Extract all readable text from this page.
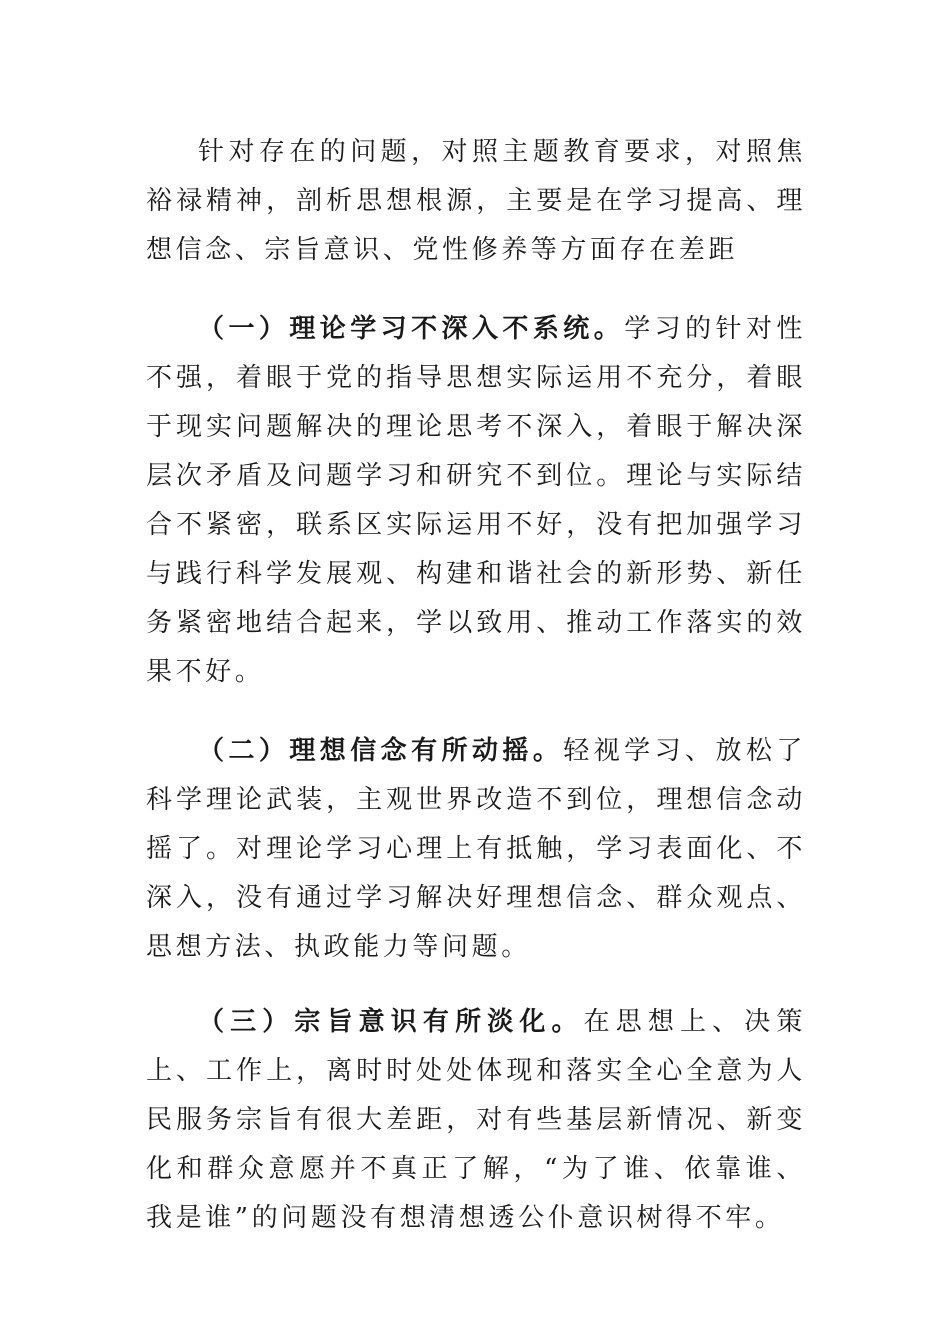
针对存在的问题，对照主题教育要求，对照焦裕禄精神，剖析思想根源，主要是在学习提高、理想信念、宗旨意识、党性修养等方面存在差距

（一）理论学习不深入不系统。学习的针对性不强，着眼于党的指导思想实际运用不充分，着眼于现实问题解决的理论思考不深入，着眼于解决深层次矛盾及问题学习和研究不到位。理论与实际结合不紧密，联系区实际运用不好，没有把加强学习与践行科学发展观、构建和谐社会的新形势、新任务紧密地结合起来，学以致用、推动工作落实的效果不好。

（二）理想信念有所动摇。轻视学习、放松了科学理论武装，主观世界改造不到位，理想信念动摇了。对理论学习心理上有抵触，学习表面化、不深入，没有通过学习解决好理想信念、群众观点、思想方法、执政能力等问题。

（三）宗旨意识有所淡化。在思想上、决策上、工作上，离时时处处体现和落实全心全意为人民服务宗旨有很大差距，对有些基层新情况、新变化和群众意愿并不真正了解，“为了谁、依靠谁、我是谁”的问题没有想清想透公仆意识树得不牢。
